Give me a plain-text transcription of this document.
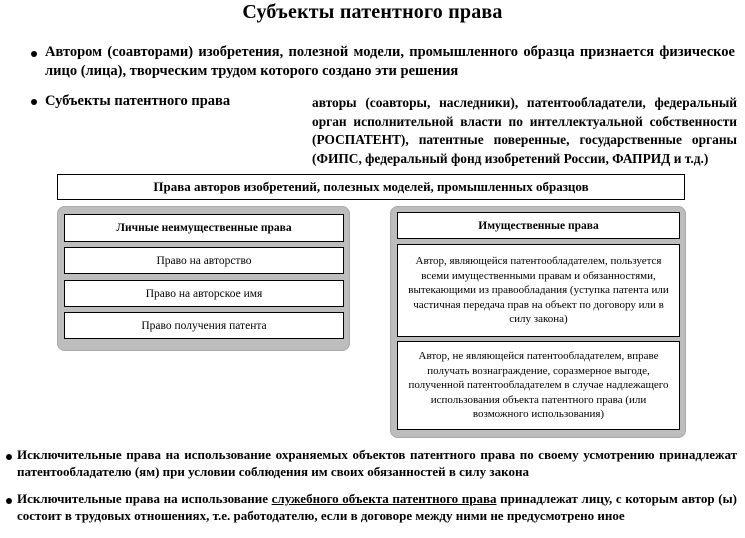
Субъекты патентного права
Автором (соавторами) изобретения, полезной модели, промышленного образца признается физическое лицо (лица), творческим трудом которого создано эти решения
Субъекты патентного права	авторы (соавторы, наследники), патентообладатели, федеральный орган исполнительной власти по интеллектуальной собственности (РОСПАТЕНТ), патентные поверенные, государственные органы (ФИПС, федеральный фонд изобретений России, ФАПРИД и т.д.)
Права авторов изобретений, полезных моделей, промышленных образцов
Личные неимущественные права
Право на авторство
Право на авторское имя
Право получения патента
Имущественные права
Автор, являющейся патентообладателем, пользуется всеми имущественными правам и обязанностями, вытекающими из правообладания (уступка патента или частичная передача прав на объект по договору или в силу закона)
Автор, не являющейся патентообладателем, вправе получать вознаграждение, соразмерное выгоде, полученной патентообладателем в случае надлежащего использования объекта патентного права (или возможного использования)
Исключительные права на использование охраняемых объектов патентного права по своему усмотрению принадлежат патентообладателю (ям) при условии соблюдения им своих обязанностей в силу закона
Исключительные права на использование служебного объекта патентного права принадлежат лицу, с которым автор (ы) состоит в трудовых отношениях, т.е. работодателю, если в договоре между ними не предусмотрено иное
